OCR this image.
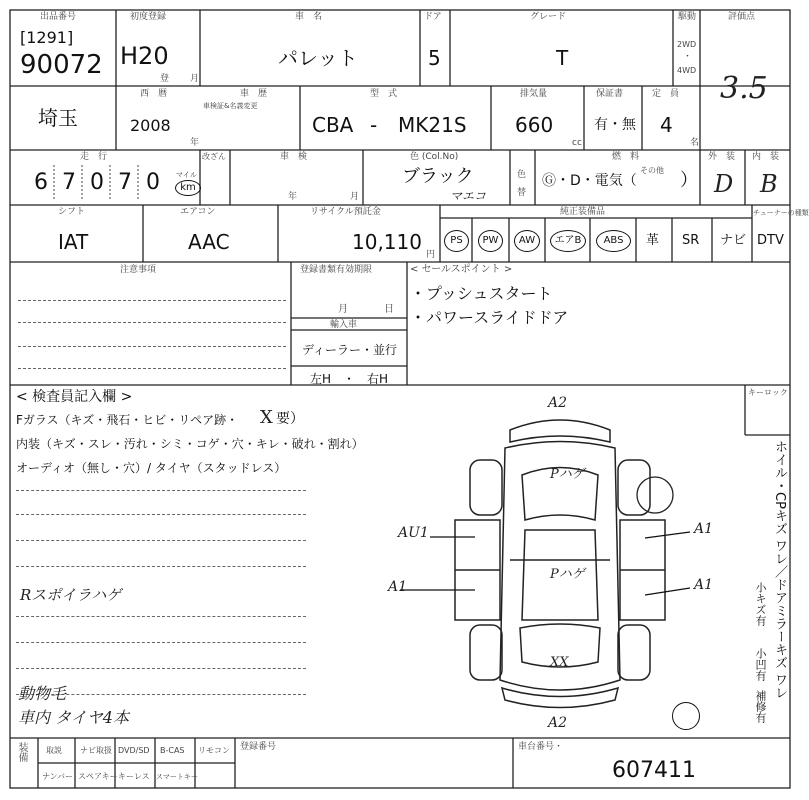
出品番号
[1291]
90072
初度登録
H20
登 月
車　名
パレット
ドア
5
グレード
T
駆動
2WD
・
4WD
評価点
3.5
埼玉
西　暦
2008
年
車　歴
車検証&名義変更
型　式
CBA - MK21S
排気量
660
cc
保証書
有・無
定　員
4
名
走　行
6 7 0 7 0 マイル
km
改ざん	車　検
年	月
色 (Col.No)
ブラック
マエコ
色
替
燃　料
Ⓖ・D・電気（
その他 ）
外　装
D
内　装
B
シフト
IAT
エアコン
AAC
リサイクル預託金
10,110
円
純正装備品
PS	PW	AW	エアB	ABS	革 SR ナビ DTV
チューナーの種類
注意事項	登録書類有効期限
月	日
輸入車
ディーラー・並行
左H　・　右H
< セールスポイント >
・プッシュスタート
・パワースライドドア
< 検査員記入欄 >
Fガラス（キズ・飛石・ヒビ・リペア跡・ X 要）
内装（キズ・スレ・汚れ・シミ・コゲ・穴・キレ・破れ・割れ）
オーディオ（無し・穴）/ タイヤ（スタッドレス）
Rスポイラハゲ
動物毛
車内 タイヤ4本
A2
Pハゲ
Pハゲ
AU1
A1
A1
A1
XX
A2
キーロック
ホイル・CPキズ ワレ／ドアミラーキズ ワレ
小キズ有
小凹有
補修有
装備 取説 ナビ取扱 DVD/SD B-CAS リモコン
ナンバー スペアキー キーレス スマートキー
登録番号	車台番号・
607411
